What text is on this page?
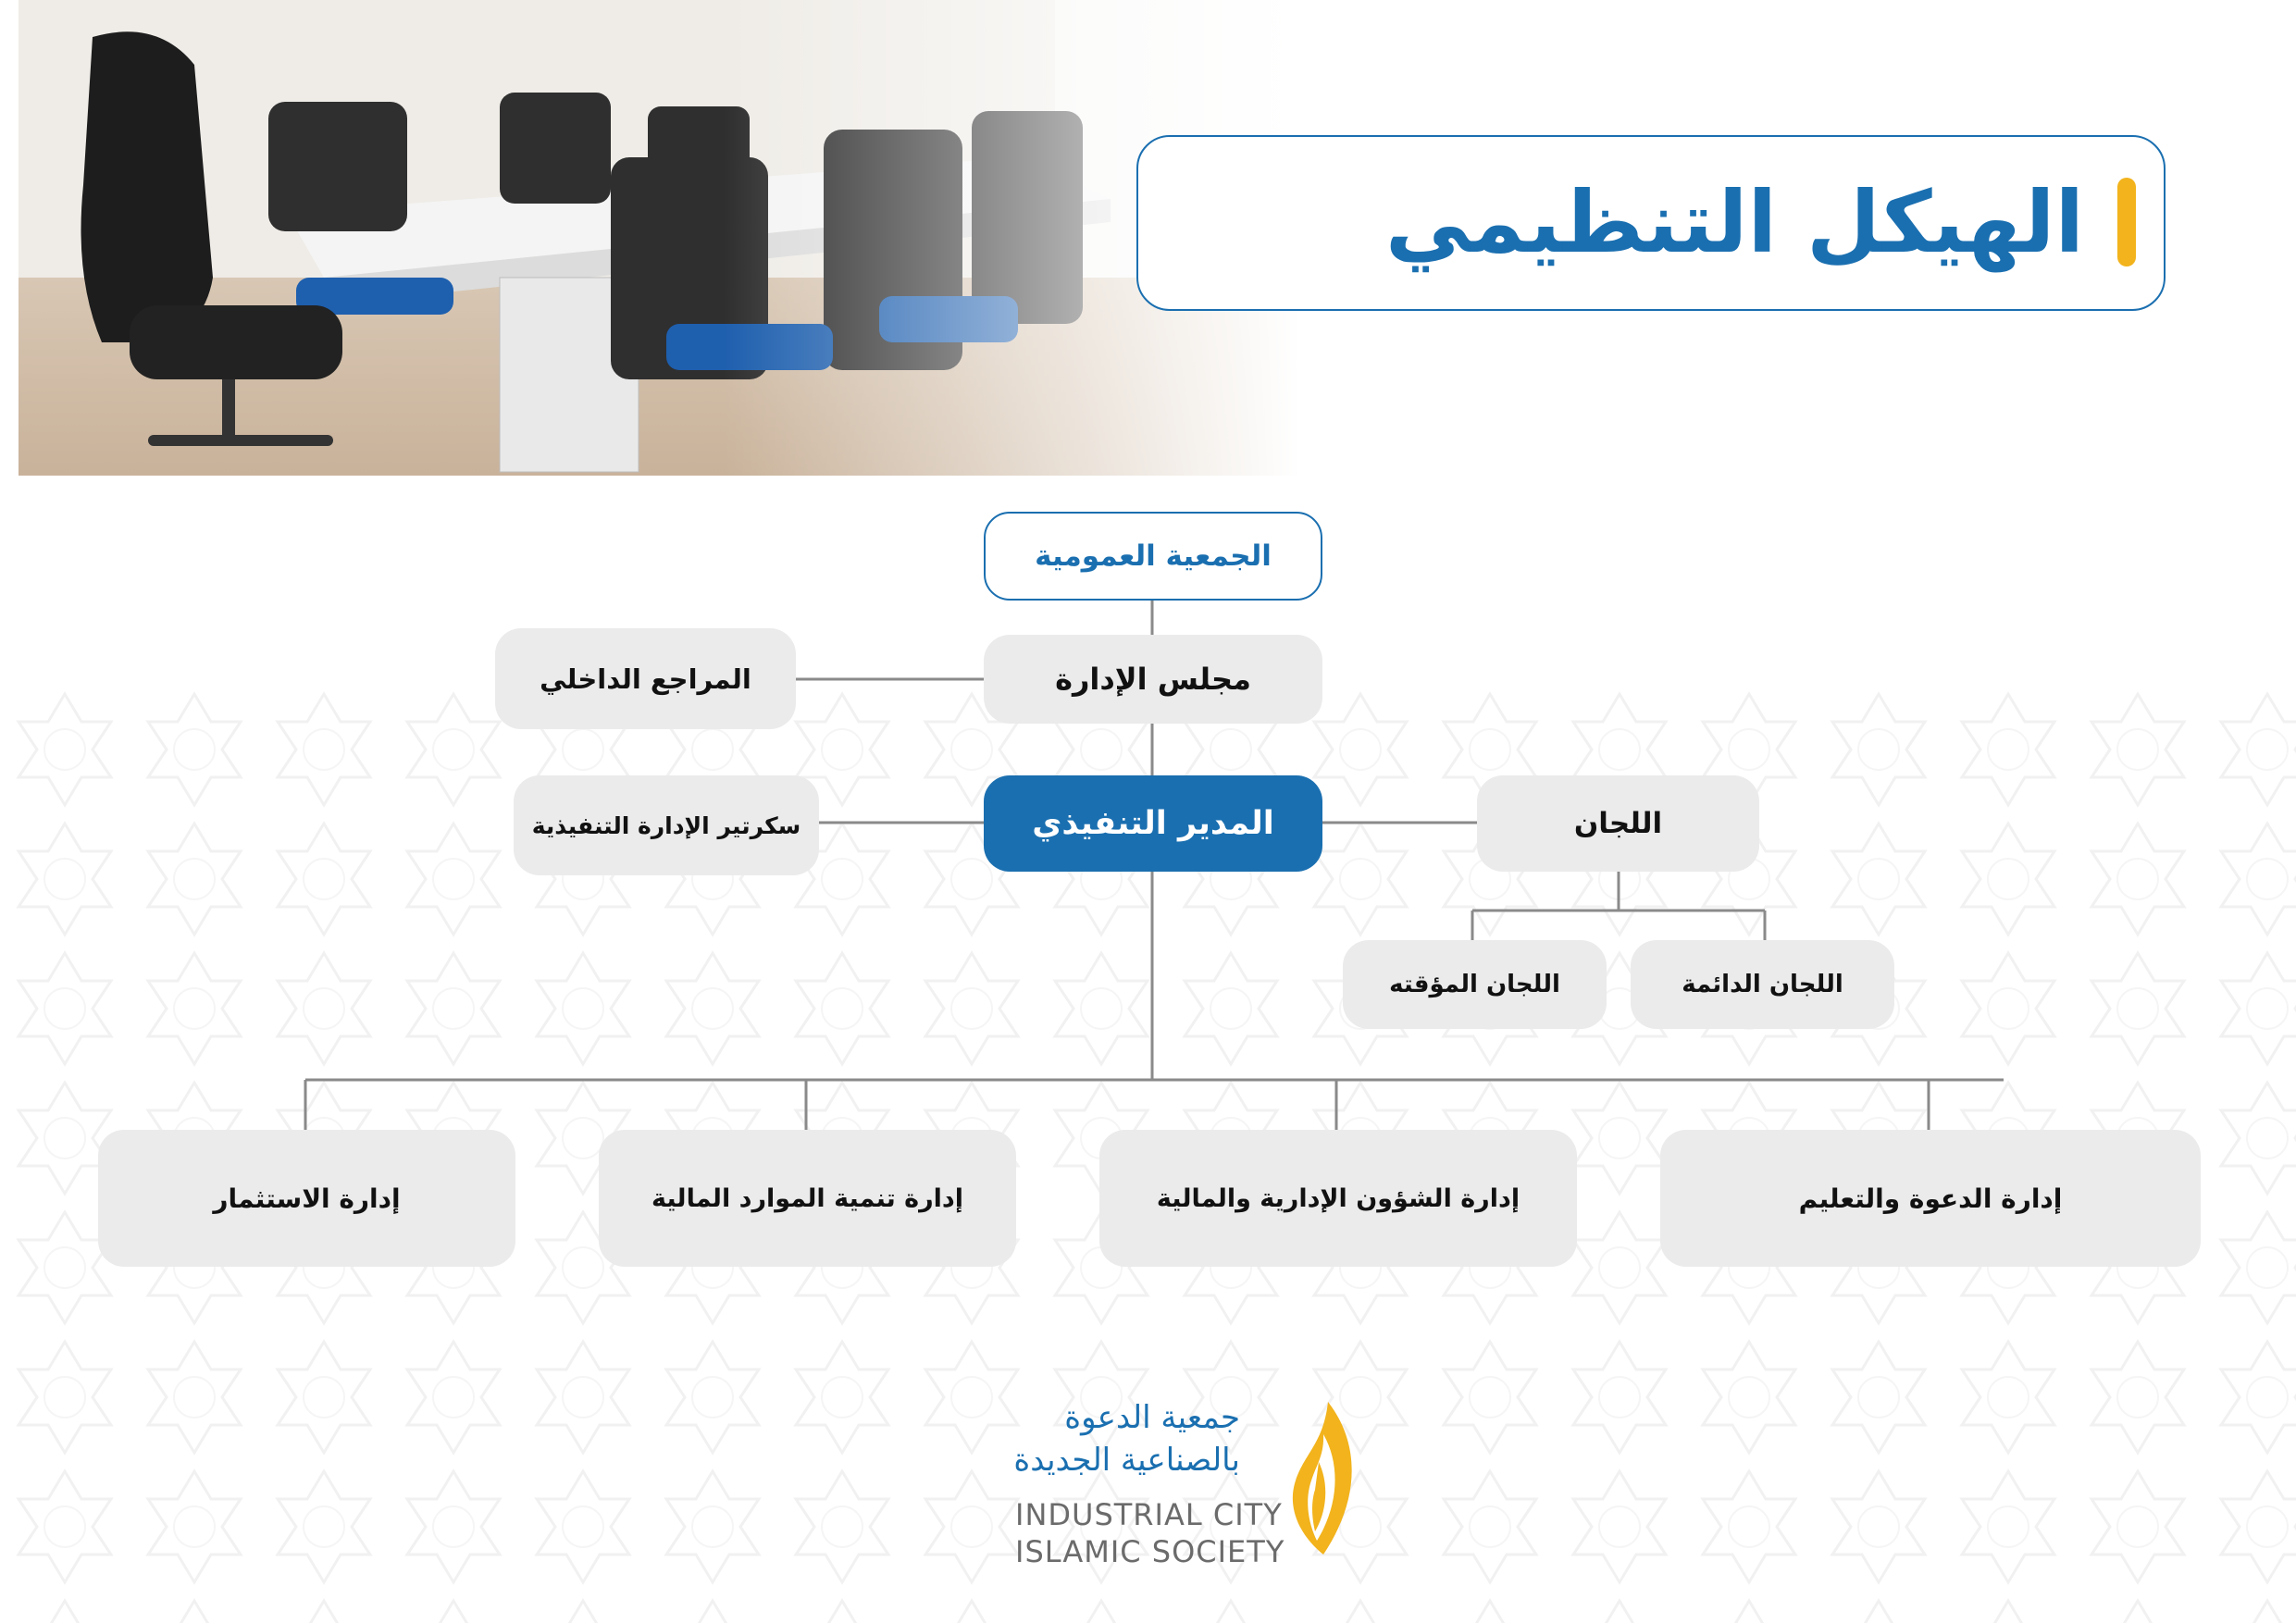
الهيكل التنظيمي
الجمعية العمومية
مجلس الإدارة
المراجع الداخلي
المدير التنفيذي
سكرتير الإدارة التنفيذية	اللجان
اللجان المؤقته	اللجان الدائمة
إدارة الاستثمار	إدارة تنمية الموارد المالية	إدارة الشؤون الإدارية والمالية	إدارة الدعوة والتعليم
جمعية الدعوة
بالصناعية الجديدة
INDUSTRIAL CITY
ISLAMIC SOCIETY
